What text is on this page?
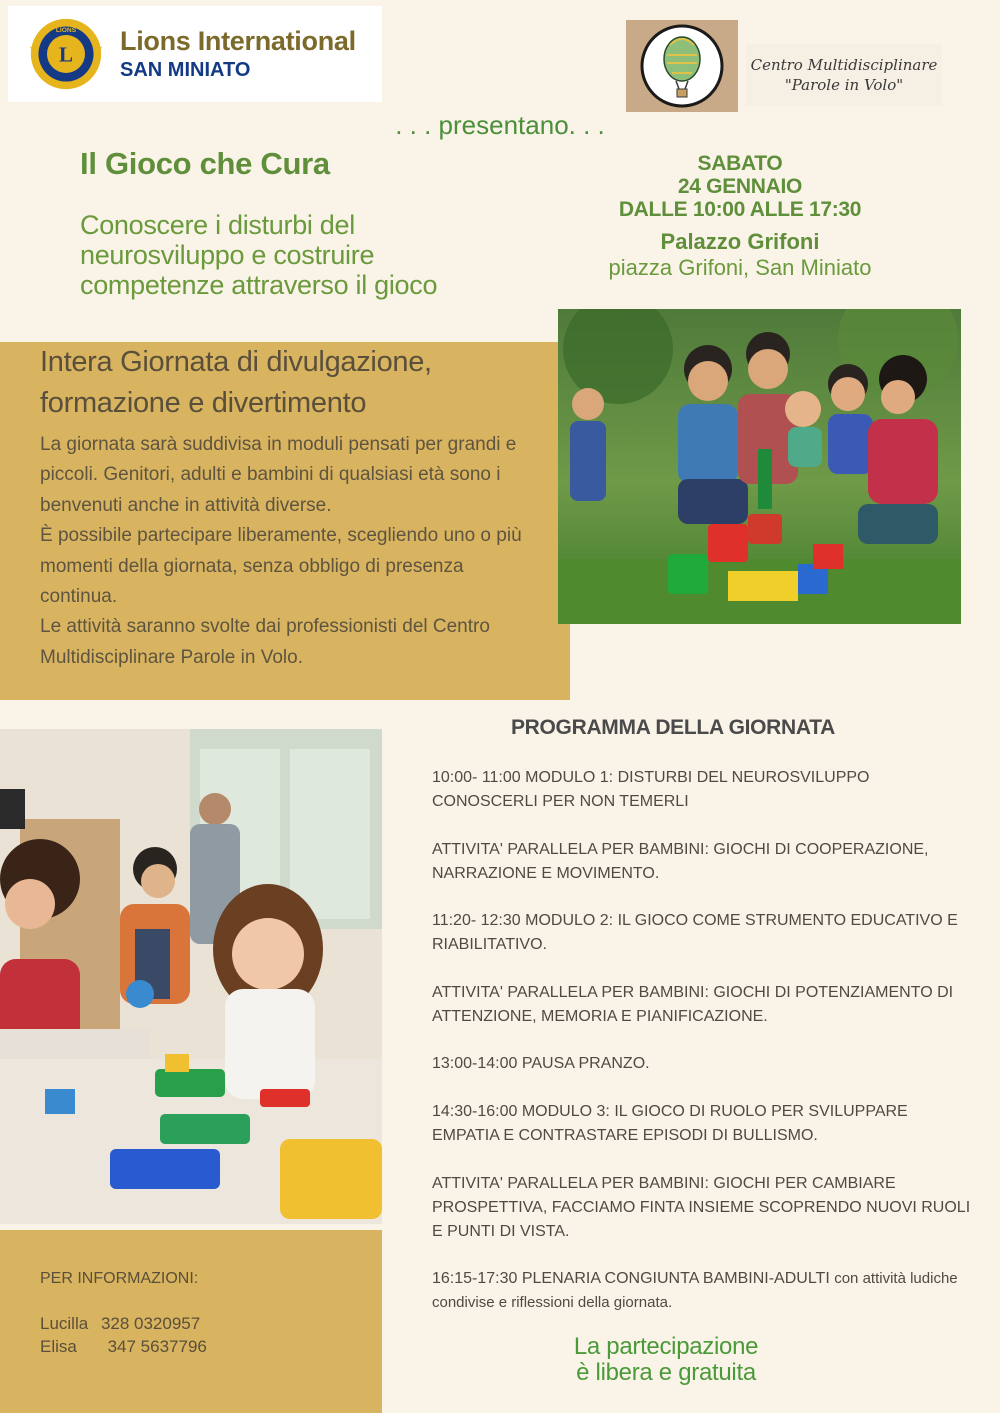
L
LIONS Lions International
SAN MINIATO	Centro Multidisciplinare
"Parole in Volo"
. . . presentano. . .
Il Gioco che Cura
Conoscere i disturbi del neurosviluppo e costruire competenze attraverso il gioco
SABATO
24 GENNAIO
DALLE 10:00 ALLE 17:30
Palazzo Grifoni
piazza Grifoni, San Miniato
Intera Giornata di divulgazione, formazione e divertimento

La giornata sarà suddivisa in moduli pensati per grandi e piccoli. Genitori, adulti e bambini di qualsiasi età sono i benvenuti anche in attività diverse.

È possibile partecipare liberamente, scegliendo uno o più momenti della giornata, senza obbligo di presenza continua.

Le attività saranno svolte dai professionisti del Centro Multidisciplinare Parole in Volo.

PER INFORMAZIONI:
Lucilla 328 0320957
Elisa 347 5637796
PROGRAMMA DELLA GIORNATA
10:00- 11:00 MODULO 1: DISTURBI DEL NEUROSVILUPPO CONOSCERLI PER NON TEMERLI
ATTIVITA' PARALLELA PER BAMBINI: GIOCHI DI COOPERAZIONE, NARRAZIONE E MOVIMENTO.
11:20- 12:30 MODULO 2: IL GIOCO COME STRUMENTO EDUCATIVO E RIABILITATIVO.
ATTIVITA' PARALLELA PER BAMBINI: GIOCHI DI POTENZIAMENTO DI ATTENZIONE, MEMORIA E PIANIFICAZIONE.
13:00-14:00 PAUSA PRANZO.
14:30-16:00 MODULO 3: IL GIOCO DI RUOLO PER SVILUPPARE EMPATIA E CONTRASTARE EPISODI DI BULLISMO.
ATTIVITA' PARALLELA PER BAMBINI: GIOCHI PER CAMBIARE PROSPETTIVA, FACCIAMO FINTA INSIEME SCOPRENDO NUOVI RUOLI E PUNTI DI VISTA.
16:15-17:30 PLENARIA CONGIUNTA BAMBINI-ADULTI con attività ludiche condivise e riflessioni della giornata.
La partecipazione
è libera e gratuita
